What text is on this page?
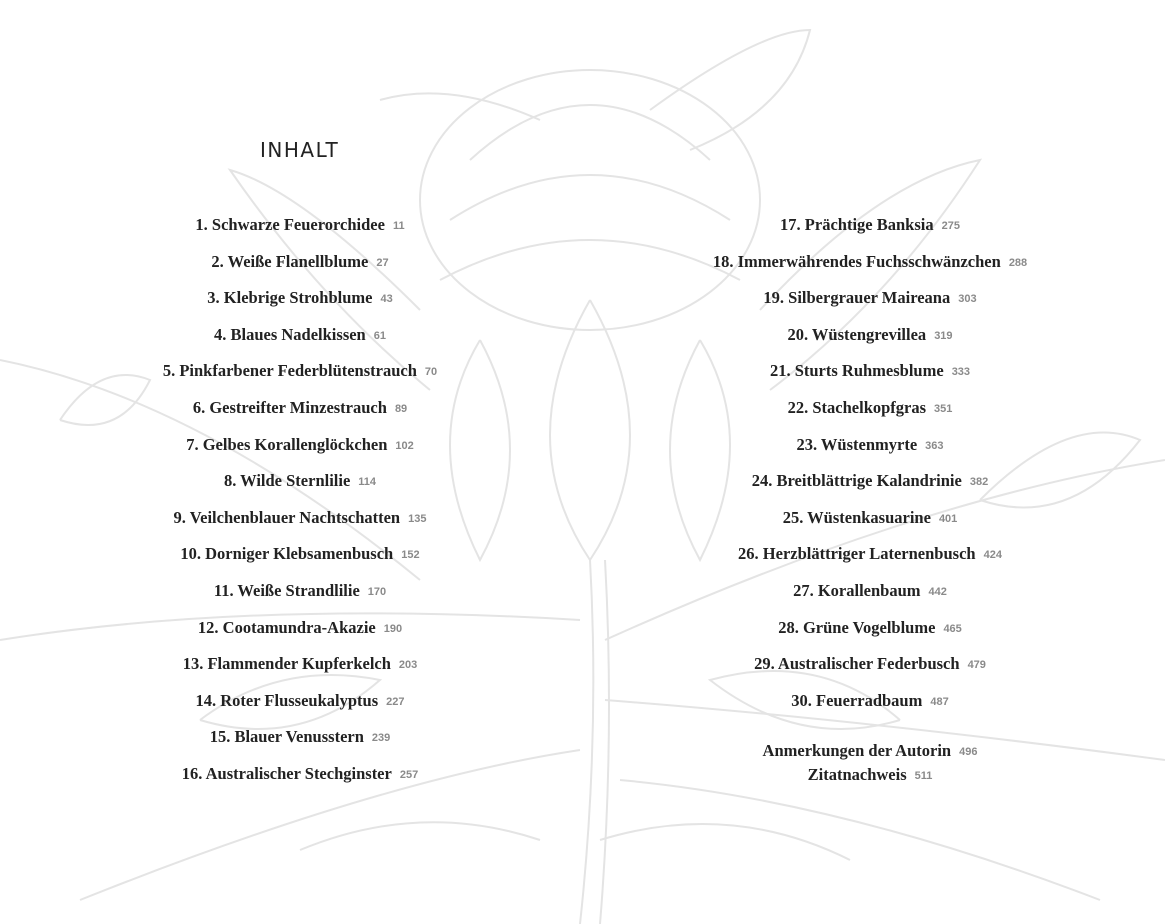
INHALT
1. Schwarze Feuerorchidee 11
2. Weiße Flanellblume 27
3. Klebrige Strohblume 43
4. Blaues Nadelkissen 61
5. Pinkfarbener Federblütenstrauch 70
6. Gestreifter Minzestrauch 89
7. Gelbes Korallenglöckchen 102
8. Wilde Sternlilie 114
9. Veilchenblauer Nachtschatten 135
10. Dorniger Klebsamenbusch 152
11. Weiße Strandlilie 170
12. Cootamundra-Akazie 190
13. Flammender Kupferkelch 203
14. Roter Flusseukalyptus 227
15. Blauer Venusstern 239
16. Australischer Stechginster 257
17. Prächtige Banksia 275
18. Immerwährendes Fuchsschwänzchen 288
19. Silbergrauer Maireana 303
20. Wüstengrevillea 319
21. Sturts Ruhmesblume 333
22. Stachelkopfgras 351
23. Wüstenmyrte 363
24. Breitblättrige Kalandrinie 382
25. Wüstenkasuarine 401
26. Herzblättriger Laternenbusch 424
27. Korallenbaum 442
28. Grüne Vogelblume 465
29. Australischer Federbusch 479
30. Feuerradbaum 487
Anmerkungen der Autorin 496
Zitatnachweis 511
